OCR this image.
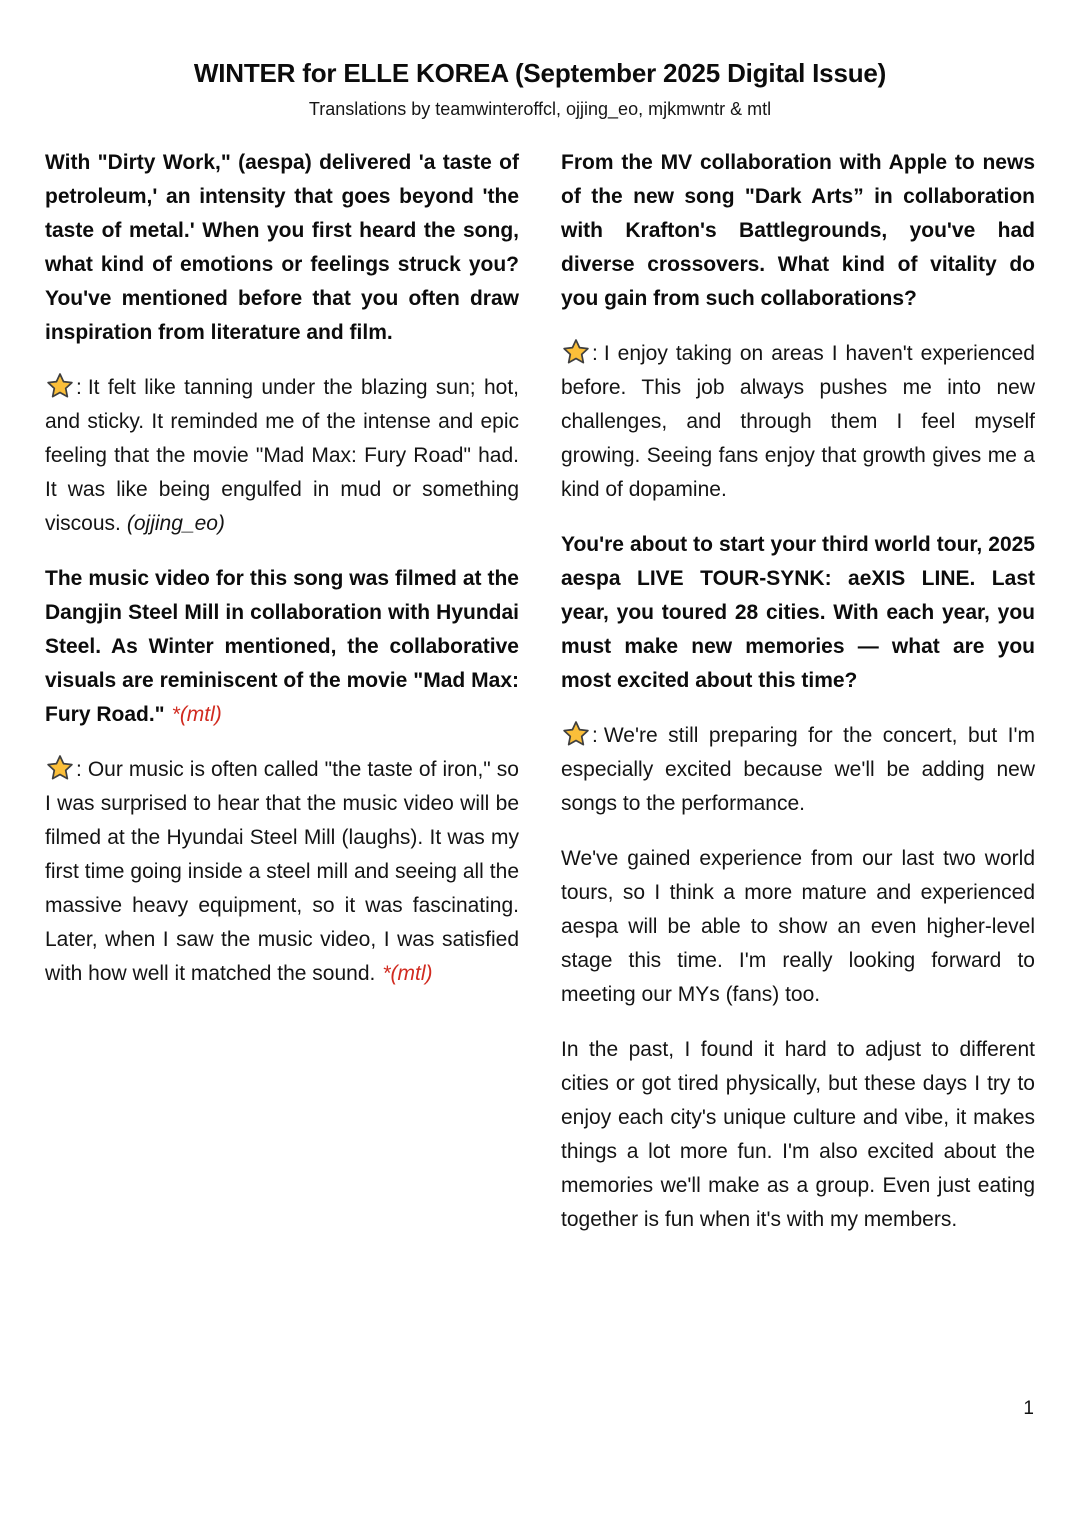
WINTER for ELLE KOREA (September 2025 Digital Issue)

Translations by teamwinteroffcl, ojjing_eo, mjkmwntr & mtl

With "Dirty Work," (aespa) delivered 'a taste of petroleum,' an intensity that goes beyond 'the taste of metal.' When you first heard the song, what kind of emotions or feelings struck you? You've mentioned before that you often draw inspiration from literature and film.

: It felt like tanning under the blazing sun; hot, and sticky. It reminded me of the intense and epic feeling that the movie "Mad Max: Fury Road" had. It was like being engulfed in mud or something viscous. (ojjing_eo)

The music video for this song was filmed at the Dangjin Steel Mill in collaboration with Hyundai Steel. As Winter mentioned, the collaborative visuals are reminiscent of the movie "Mad Max: Fury Road." *(mtl)

: Our music is often called "the taste of iron," so I was surprised to hear that the music video will be filmed at the Hyundai Steel Mill (laughs). It was my first time going inside a steel mill and seeing all the massive heavy equipment, so it was fascinating. Later, when I saw the music video, I was satisfied with how well it matched the sound. *(mtl)

From the MV collaboration with Apple to news of the new song "Dark Arts” in collaboration with Krafton's Battlegrounds, you've had diverse crossovers. What kind of vitality do you gain from such collaborations?

: I enjoy taking on areas I haven't experienced before. This job always pushes me into new challenges, and through them I feel myself growing. Seeing fans enjoy that growth gives me a kind of dopamine.

You're about to start your third world tour, 2025 aespa LIVE TOUR-SYNK: aeXIS LINE. Last year, you toured 28 cities. With each year, you must make new memories — what are you most excited about this time?

: We're still preparing for the concert, but I'm especially excited because we'll be adding new songs to the performance.

We've gained experience from our last two world tours, so I think a more mature and experienced aespa will be able to show an even higher-level stage this time. I'm really looking forward to meeting our MYs (fans) too.

In the past, I found it hard to adjust to different cities or got tired physically, but these days I try to enjoy each city's unique culture and vibe, it makes things a lot more fun. I'm also excited about the memories we'll make as a group. Even just eating together is fun when it's with my members.

1
